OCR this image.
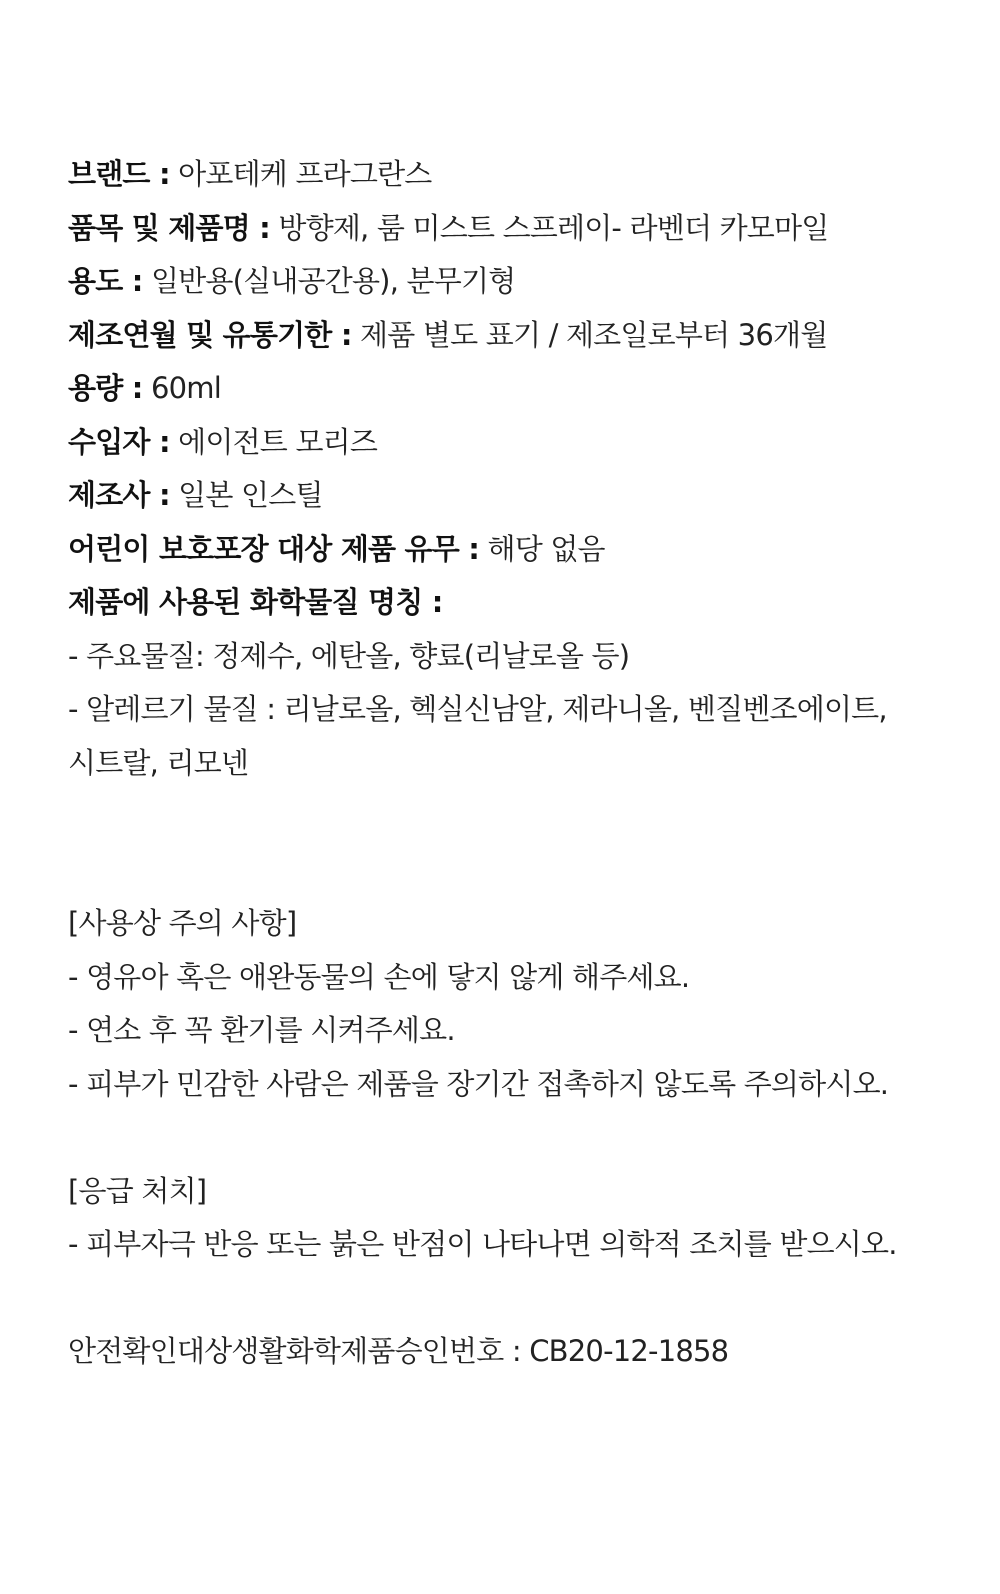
브랜드 : 아포테케 프라그란스
품목 및 제품명 : 방향제, 룸 미스트 스프레이- 라벤더 카모마일
용도 : 일반용(실내공간용), 분무기형
제조연월 및 유통기한 : 제품 별도 표기 / 제조일로부터 36개월
용량 : 60ml
수입자 : 에이전트 모리즈
제조사 : 일본 인스틸
어린이 보호포장 대상 제품 유무 : 해당 없음
제품에 사용된 화학물질 명칭 :
- 주요물질: 정제수, 에탄올, 향료(리날로올 등)
- 알레르기 물질 : 리날로올, 헥실신남알, 제라니올, 벤질벤조에이트,
시트랄, 리모넨
[사용상 주의 사항]
- 영유아 혹은 애완동물의 손에 닿지 않게 해주세요.
- 연소 후 꼭 환기를 시켜주세요.
- 피부가 민감한 사람은 제품을 장기간 접촉하지 않도록 주의하시오.
[응급 처치]
- 피부자극 반응 또는 붉은 반점이 나타나면 의학적 조치를 받으시오.
안전확인대상생활화학제품승인번호 : CB20-12-1858
